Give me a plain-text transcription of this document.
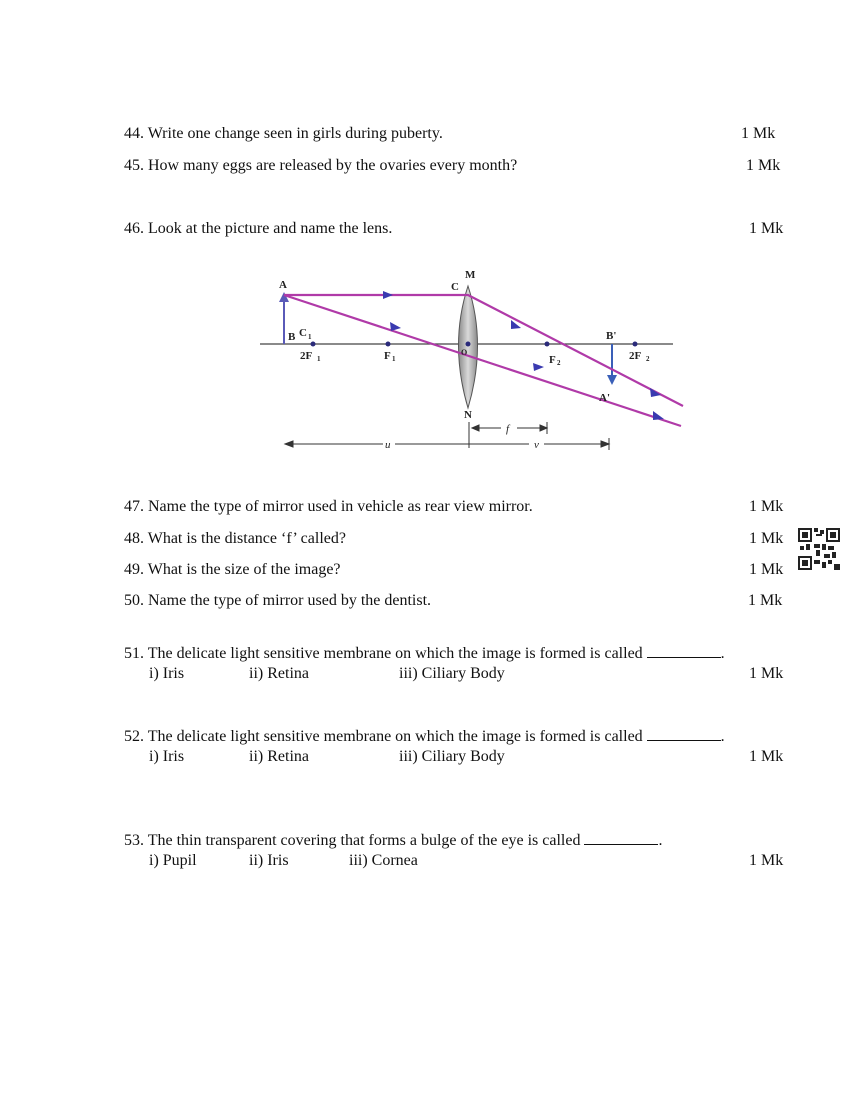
44. Write one change seen in girls during puberty.	1 Mk
45. How many eggs are released by the ovaries every month?	1 Mk
46. Look at the picture and name the lens.	1 Mk
A
B C 1
2F 1	F 1
M
C
O
N
F 2
B'
2F 2
A'
u	v
f
47. Name the type of mirror used in vehicle as rear view mirror.	1 Mk
48. What is the distance ‘f’ called?	1 Mk
49. What is the size of the image?	1 Mk
50. Name the type of mirror used by the dentist.	1 Mk
51. The delicate light sensitive membrane on which the image is formed is called	.
i) Iris	ii) Retina	iii) Ciliary Body	1 Mk
52. The delicate light sensitive membrane on which the image is formed is called	.
i) Iris	ii) Retina	iii) Ciliary Body	1 Mk
53. The thin transparent covering that forms a bulge of the eye is called	.
i) Pupil	ii) Iris	iii) Cornea	1 Mk
